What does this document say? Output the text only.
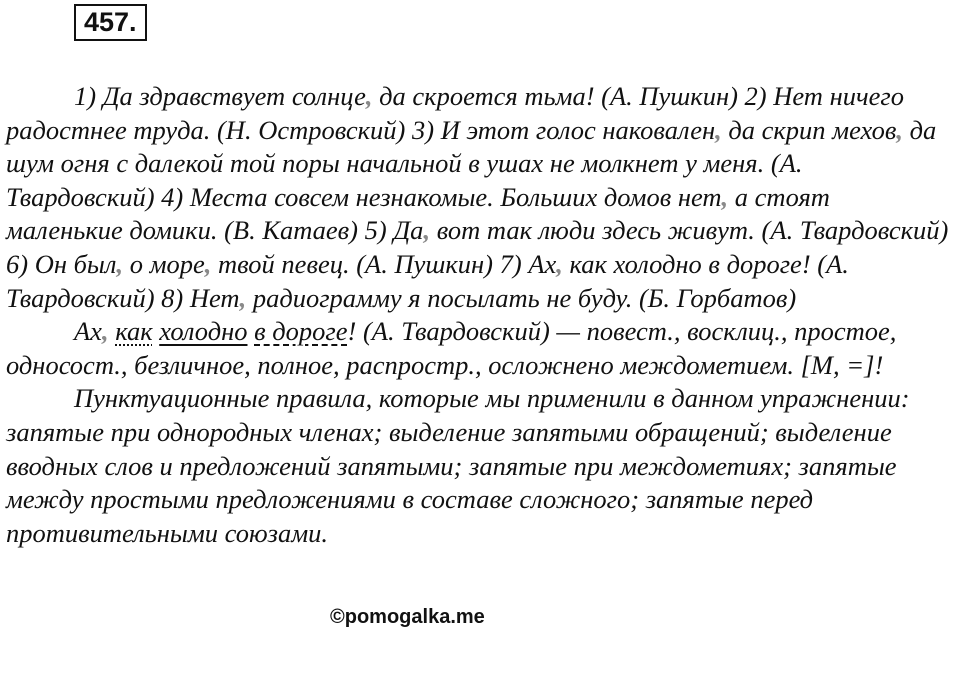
457.

1) Да здравствует солнце, да скроется тьма! (А. Пушкин) 2) Нет ничего радостнее труда. (Н. Островский) 3) И этот голос наковален, да скрип мехов, да шум огня с далекой той поры начальной в ушах не молкнет у меня. (А. Твардовский) 4) Места совсем незнакомые. Больших домов нет, а стоят маленькие домики. (В. Катаев) 5) Да, вот так люди здесь живут. (А. Твардовский) 6) Он был, о море, твой певец. (А. Пушкин) 7) Ах, как холодно в дороге! (А. Твардовский) 8) Нет, радиограмму я посылать не буду. (Б. Горбатов)

Ах, как холодно в дороге! (А. Твардовский) — повест., восклиц., простое, односост., безличное, полное, распростр., осложнено междометием. [М, =]!

Пунктуационные правила, которые мы применили в данном упражнении: запятые при однородных членах; выделение запятыми обращений; выделение вводных слов и предложений запятыми; запятые при междометиях; запятые между простыми предложениями в составе сложного; запятые перед противительными союзами.

©pomogalka.me
